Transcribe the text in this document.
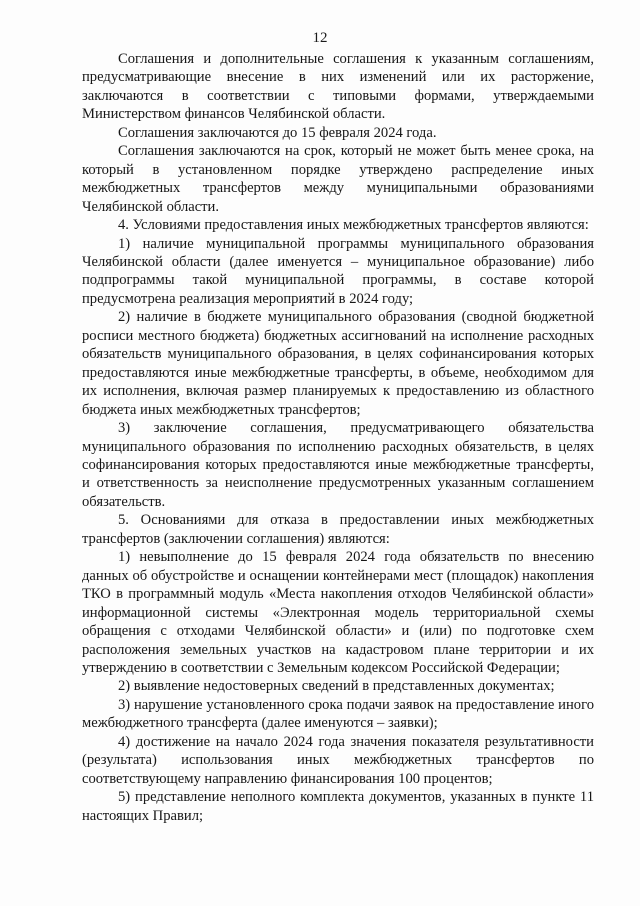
12

Соглашения и дополнительные соглашения к указанным соглашениям, предусматривающие внесение в них изменений или их расторжение, заключаются в соответствии с типовыми формами, утверждаемыми Министерством финансов Челябинской области.

Соглашения заключаются до 15 февраля 2024 года.

Соглашения заключаются на срок, который не может быть менее срока, на который в установленном порядке утверждено распределение иных межбюджетных трансфертов между муниципальными образованиями Челябинской области.

4. Условиями предоставления иных межбюджетных трансфертов являются:

1) наличие муниципальной программы муниципального образования Челябинской области (далее именуется – муниципальное образование) либо подпрограммы такой муниципальной программы, в составе которой предусмотрена реализация мероприятий в 2024 году;

2) наличие в бюджете муниципального образования (сводной бюджетной росписи местного бюджета) бюджетных ассигнований на исполнение расходных обязательств муниципального образования, в целях софинансирования которых предоставляются иные межбюджетные трансферты, в объеме, необходимом для их исполнения, включая размер планируемых к предоставлению из областного бюджета иных межбюджетных трансфертов;

3) заключение соглашения, предусматривающего обязательства муниципального образования по исполнению расходных обязательств, в целях софинансирования которых предоставляются иные межбюджетные трансферты, и ответственность за неисполнение предусмотренных указанным соглашением обязательств.

5. Основаниями для отказа в предоставлении иных межбюджетных трансфертов (заключении соглашения) являются:

1) невыполнение до 15 февраля 2024 года обязательств по внесению данных об обустройстве и оснащении контейнерами мест (площадок) накопления ТКО в программный модуль «Места накопления отходов Челябинской области» информационной системы «Электронная модель территориальной схемы обращения с отходами Челябинской области» и (или) по подготовке схем расположения земельных участков на кадастровом плане территории и их утверждению в соответствии с Земельным кодексом Российской Федерации;

2) выявление недостоверных сведений в представленных документах;

3) нарушение установленного срока подачи заявок на предоставление иного межбюджетного трансферта (далее именуются – заявки);

4) достижение на начало 2024 года значения показателя результативности (результата) использования иных межбюджетных трансфертов по соответствующему направлению финансирования 100 процентов;

5) представление неполного комплекта документов, указанных в пункте 11 настоящих Правил;
